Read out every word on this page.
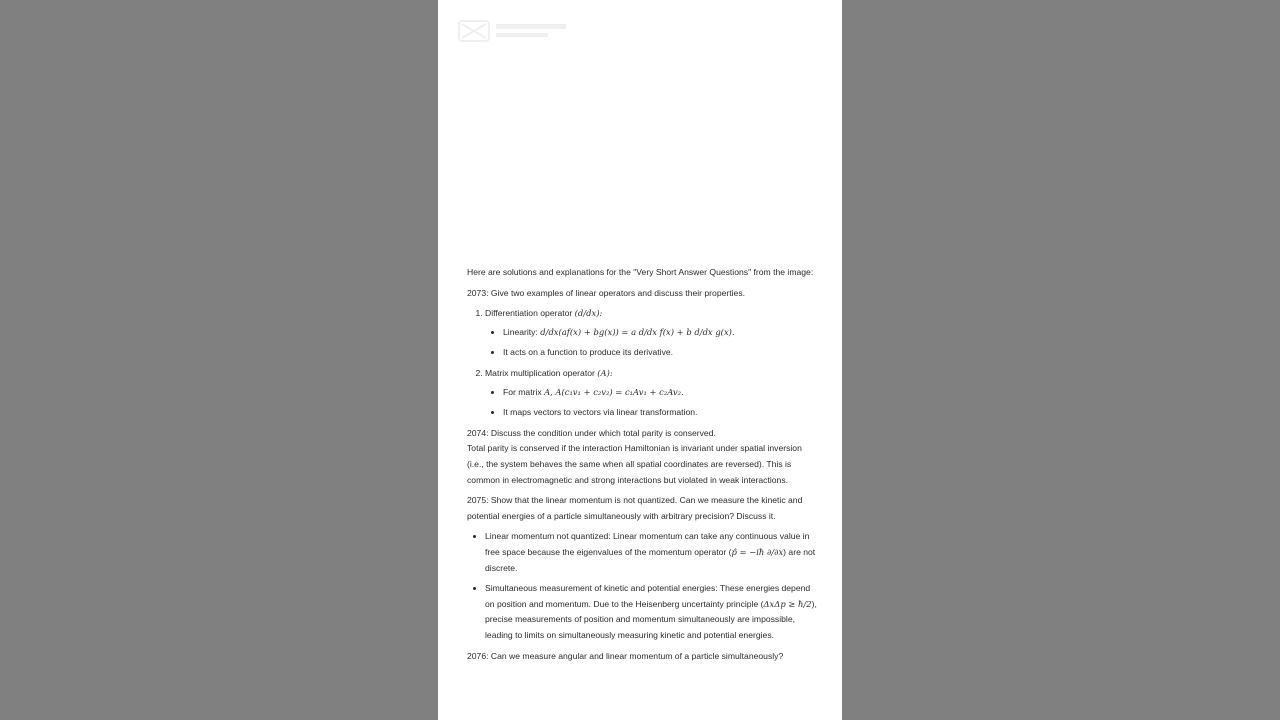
Here are solutions and explanations for the "Very Short Answer Questions" from the image:

2073: Give two examples of linear operators and discuss their properties.

1. Differentiation operator (d/dx):
• Linearity: d/dx(af(x) + bg(x)) = a d/dx f(x) + b d/dx g(x).
• It acts on a function to produce its derivative.
2. Matrix multiplication operator (A):
• For matrix A, A(c₁v₁ + c₂v₂) = c₁Av₁ + c₂Av₂.
• It maps vectors to vectors via linear transformation.

2074: Discuss the condition under which total parity is conserved.

Total parity is conserved if the interaction Hamiltonian is invariant under spatial inversion (i.e., the system behaves the same when all spatial coordinates are reversed). This is common in electromagnetic and strong interactions but violated in weak interactions.

2075: Show that the linear momentum is not quantized. Can we measure the kinetic and potential energies of a particle simultaneously with arbitrary precision? Discuss it.

• Linear momentum not quantized: Linear momentum can take any continuous value in free space because the eigenvalues of the momentum operator (p̂ = −iħ ∂/∂x) are not discrete.
• Simultaneous measurement of kinetic and potential energies: These energies depend on position and momentum. Due to the Heisenberg uncertainty principle (ΔxΔp ≥ ħ/2), precise measurements of position and momentum simultaneously are impossible, leading to limits on simultaneously measuring kinetic and potential energies.

2076: Can we measure angular and linear momentum of a particle simultaneously?
